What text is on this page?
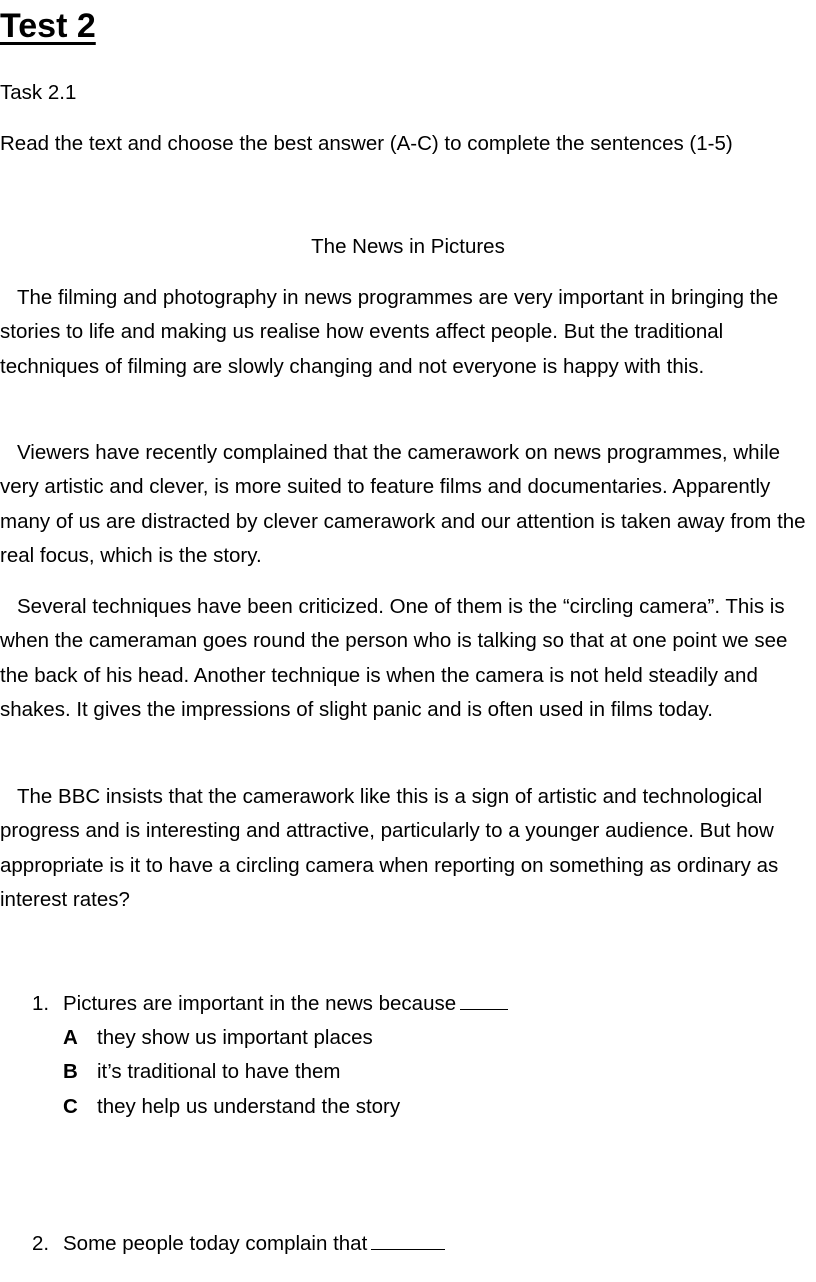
Test 2

Task 2.1

Read the text and choose the best answer (A-C) to complete the sentences (1-5)

The News in Pictures

The filming and photography in news programmes are very important in bringing the stories to life and making us realise how events affect people. But the traditional techniques of filming are slowly changing and not everyone is happy with this.

Viewers have recently complained that the camerawork on news programmes, while very artistic and clever, is more suited to feature films and documentaries. Apparently many of us are distracted by clever camerawork and our attention is taken away from the real focus, which is the story.

Several techniques have been criticized. One of them is the “circling camera”. This is when the cameraman goes round the person who is talking so that at one point we see the back of his head. Another technique is when the camera is not held steadily and shakes. It gives the impressions of slight panic and is often used in films today.

The BBC insists that the camerawork like this is a sign of artistic and technological progress and is interesting and attractive, particularly to a younger audience. But how appropriate is it to have a circling camera when reporting on something as ordinary as interest rates?

1. Pictures are important in the news because

A they show us important places

B it’s traditional to have them

C they help us understand the story

2. Some people today complain that
